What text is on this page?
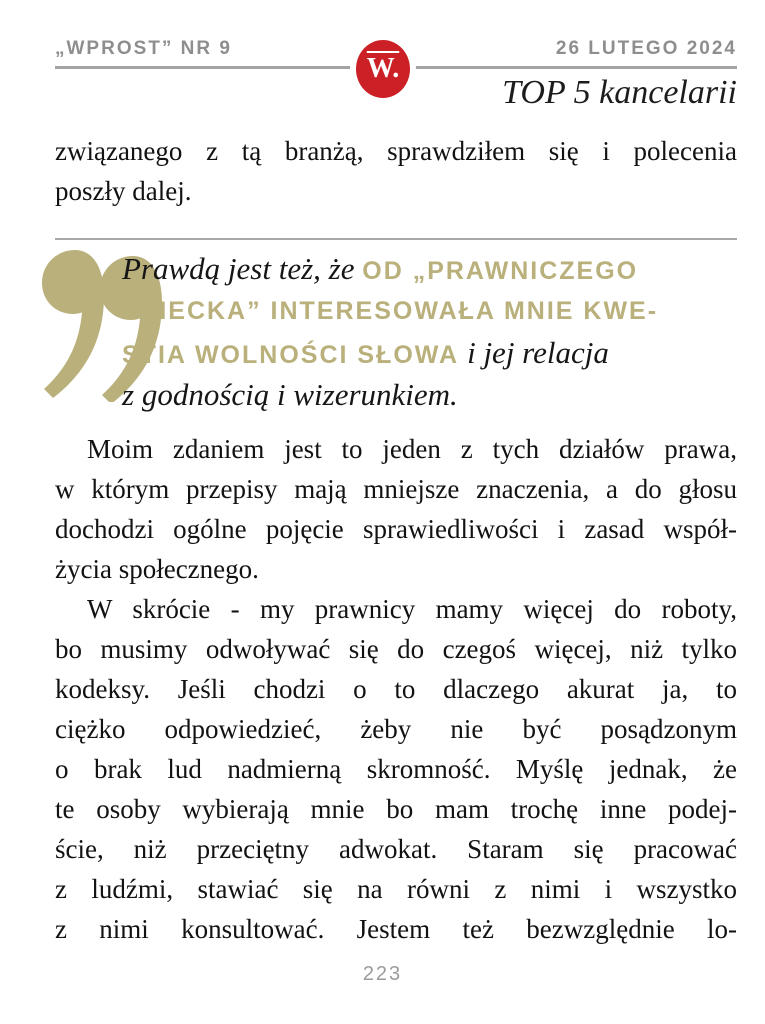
„WPROST” NR 9	26 LUTEGO 2024
W.
TOP 5 kancelarii
związanego z tą branżą, sprawdziłem się i polecenia
poszły dalej.
Prawdą jest też, że OD „PRAWNICZEGO
DZIECKA” INTERESOWAŁA MNIE KWE-
STIA WOLNOŚCI SŁOWA i jej relacja
z godnością i wizerunkiem.
Moim zdaniem jest to jeden z tych działów prawa,
w którym przepisy mają mniejsze znaczenia, a do głosu
dochodzi ogólne pojęcie sprawiedliwości i zasad współ-
życia społecznego.
W skrócie - my prawnicy mamy więcej do roboty,
bo musimy odwoływać się do czegoś więcej, niż tylko
kodeksy. Jeśli chodzi o to dlaczego akurat ja, to
ciężko odpowiedzieć, żeby nie być posądzonym
o brak lud nadmierną skromność. Myślę jednak, że
te osoby wybierają mnie bo mam trochę inne podej-
ście, niż przeciętny adwokat. Staram się pracować
z ludźmi, stawiać się na równi z nimi i wszystko
z nimi konsultować. Jestem też bezwzględnie lo-
223
